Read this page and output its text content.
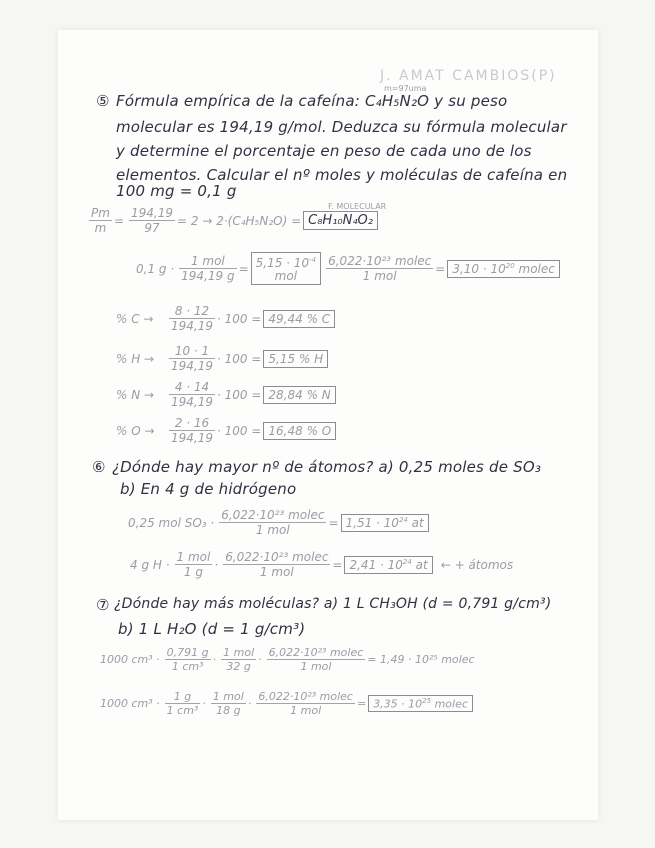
J. AMAT CAMBIOS(P)
m=97uma
⑤ Fórmula empírica de la cafeína: C₄H₅N₂O y su peso
molecular es 194,19 g/mol. Deduzca su fórmula molecular
y determine el porcentaje en peso de cada uno de los
elementos. Calcular el nº moles y moléculas de cafeína en
100 mg = 0,1 g
F. MOLECULAR
$\frac{Pm}{m} = \frac{194,19}{97} = 2 \to 2\cdot(C_4H_5N_2O) = C_8H_{10}N_4O_2$
0,1 $g \cdot \frac{\text{1 mol}}{194,19 g} = 5,15 \cdot 10^{-4}$
mol	$\frac{\text{6,022·10²³ molec}}{\text{1 mol}} = 3,10 \cdot 10^{20}$ molec
% C →	$\frac{8 \cdot 12}{194,19} \cdot 100 = 49,44$ % C
% H →	$\frac{10 \cdot 1}{194,19} \cdot 100 = 5,15$ % H
% N →	$\frac{4 \cdot 14}{194,19} \cdot 100 = 28,84$ % N
% O →	$\frac{2 \cdot 16}{194,19} \cdot 100 = 16,48$ % O
⑥ ¿Dónde hay mayor nº de átomos? a) 0,25 moles de SO₃
b) En 4 g de hidrógeno
0,25 mol $SO_3 \cdot \frac{\text{6,022·10²³ molec}}{\text{1 mol}} = 1,51 \cdot 10^{24}$ at
4 g $H \cdot \frac{\text{1 mol}}{1 g} \cdot \frac{\text{6,022·10²³ molec}}{\text{1 mol}} = 2,41 \cdot 10^{24}$ at	← + átomos
⑦ ¿Dónde hay más moléculas? a) 1 L CH₃OH (d = 0,791 g/cm³)
b) 1 L H₂O (d = 1 g/cm³)
1000 $cm^3 \cdot \frac{0,791 g}{\text{1 cm³}} \cdot \frac{\text{1 mol}}{32 g} \cdot \frac{\text{6,022·10²³ molec}}{\text{1 mol}} = 1,49 \cdot 10^{25}$ molec
1000 $cm^3 \cdot \frac{1 g}{\text{1 cm³}} \cdot \frac{\text{1 mol}}{18 g} \cdot \frac{\text{6,022·10²³ molec}}{\text{1 mol}} = 3,35 \cdot 10^{25}$ molec
